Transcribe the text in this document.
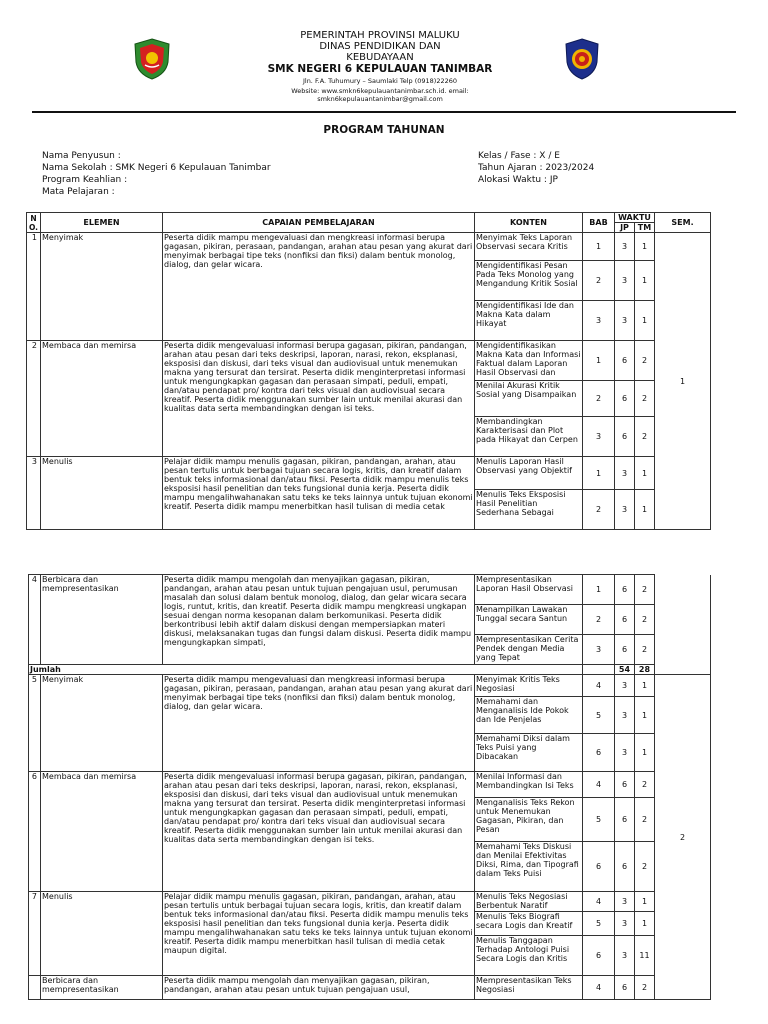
PEMERINTAH PROVINSI MALUKU
DINAS PENDIDIKAN DAN
KEBUDAYAAN
SMK NEGERI 6 KEPULAUAN TANIMBAR
Jln. F.A. Tuhumury – Saumlaki Telp (0918)22260
Website: www.smkn6kepulauantanimbar.sch.id. email:
smkn6kepulauantanimbar@gmail.com
PROGRAM TAHUNAN
Nama Penyusun :
Nama Sekolah : SMK Negeri 6 Kepulauan Tanimbar
Program Keahlian :
Mata Pelajaran :
Kelas / Fase : X / E
Tahun Ajaran : 2023/2024
Alokasi Waktu : JP
N O.	ELEMEN	CAPAIAN PEMBELAJARAN	KONTEN	BAB	WAKTU		SEM.
					JP	TM	
1	Menyimak	Peserta didik mampu mengevaluasi dan mengkreasi informasi berupa gagasan, pikiran, perasaan, pandangan, arahan atau pesan yang akurat dari menyimak berbagai tipe teks (nonfiksi dan fiksi) dalam bentuk monolog, dialog, dan gelar wicara.	Menyimak Teks Laporan Observasi secara Kritis	1	3	1	1
			Mengidentifikasi Pesan Pada Teks Monolog yang Mengandung Kritik Sosial	2	3	1	
			Mengidentifikasi Ide dan Makna Kata dalam Hikayat	3	3	1	
2	Membaca dan memirsa	Peserta didik mengevaluasi informasi berupa gagasan, pikiran, pandangan, arahan atau pesan dari teks deskripsi, laporan, narasi, rekon, eksplanasi, eksposisi dan diskusi, dari teks visual dan audiovisual untuk menemukan makna yang tersurat dan tersirat. Peserta didik menginterpretasi informasi untuk mengungkapkan gagasan dan perasaan simpati, peduli, empati, dan/atau pendapat pro/ kontra dari teks visual dan audiovisual secara kreatif. Peserta didik menggunakan sumber lain untuk menilai akurasi dan kualitas data serta membandingkan dengan isi teks.	Mengidentifikasikan Makna Kata dan Informasi Faktual dalam Laporan Hasil Observasi dan	1	6	2	
			Menilai Akurasi Kritik Sosial yang Disampaikan	2	6	2	
			Membandingkan Karakterisasi dan Plot pada Hikayat dan Cerpen	3	6	2	
3	Menulis	Pelajar didik mampu menulis gagasan, pikiran, pandangan, arahan, atau pesan tertulis untuk berbagai tujuan secara logis, kritis, dan kreatif dalam bentuk teks informasional dan/atau fiksi. Peserta didik mampu menulis teks eksposisi hasil penelitian dan teks fungsional dunia kerja. Peserta didik mampu mengalihwahanakan satu teks ke teks lainnya untuk tujuan ekonomi kreatif. Peserta didik mampu menerbitkan hasil tulisan di media cetak	Menulis Laporan Hasil Observasi yang Objektif	1	3	1	
			Menulis Teks Eksposisi Hasil Penelitian Sederhana Sebagai	2	3	1	
4	Berbicara dan mempresentasikan	Peserta didik mampu mengolah dan menyajikan gagasan, pikiran, pandangan, arahan atau pesan untuk tujuan pengajuan usul, perumusan masalah dan solusi dalam bentuk monolog, dialog, dan gelar wicara secara logis, runtut, kritis, dan kreatif. Peserta didik mampu mengkreasi ungkapan sesuai dengan norma kesopanan dalam berkomunikasi. Peserta didik berkontribusi lebih aktif dalam diskusi dengan mempersiapkan materi diskusi, melaksanakan tugas dan fungsi dalam diskusi. Peserta didik mampu mengungkapkan simpati,	Mempresentasikan Laporan Hasil Observasi	1	6	2	
			Menampilkan Lawakan Tunggal secara Santun	2	6	2	
			Mempresentasikan Cerita Pendek dengan Media yang Tepat	3	6	2	
Jumlah					54	28	
5	Menyimak	Peserta didik mampu mengevaluasi dan mengkreasi informasi berupa gagasan, pikiran, perasaan, pandangan, arahan atau pesan yang akurat dari menyimak berbagai tipe teks (nonfiksi dan fiksi) dalam bentuk monolog, dialog, dan gelar wicara.	Menyimak Kritis Teks Negosiasi	4	3	1	2
			Memahami dan Menganalisis Ide Pokok dan Ide Penjelas	5	3	1	
			Memahami Diksi dalam Teks Puisi yang Dibacakan	6	3	1	
6	Membaca dan memirsa	Peserta didik mengevaluasi informasi berupa gagasan, pikiran, pandangan, arahan atau pesan dari teks deskripsi, laporan, narasi, rekon, eksplanasi, eksposisi dan diskusi, dari teks visual dan audiovisual untuk menemukan makna yang tersurat dan tersirat. Peserta didik menginterpretasi informasi untuk mengungkapkan gagasan dan perasaan simpati, peduli, empati, dan/atau pendapat pro/ kontra dari teks visual dan audiovisual secara kreatif. Peserta didik menggunakan sumber lain untuk menilai akurasi dan kualitas data serta membandingkan dengan isi teks.	Menilai Informasi dan Membandingkan Isi Teks	4	6	2	
			Menganalisis Teks Rekon untuk Menemukan Gagasan, Pikiran, dan Pesan	5	6	2	
			Memahami Teks Diskusi dan Menilai Efektivitas Diksi, Rima, dan Tipografi dalam Teks Puisi	6	6	2	
7	Menulis	Pelajar didik mampu menulis gagasan, pikiran, pandangan, arahan, atau pesan tertulis untuk berbagai tujuan secara logis, kritis, dan kreatif dalam bentuk teks informasional dan/atau fiksi. Peserta didik mampu menulis teks eksposisi hasil penelitian dan teks fungsional dunia kerja. Peserta didik mampu mengalihwahanakan satu teks ke teks lainnya untuk tujuan ekonomi kreatif. Peserta didik mampu menerbitkan hasil tulisan di media cetak maupun digital.	Menulis Teks Negosiasi Berbentuk Naratif	4	3	1	
			Menulis Teks Biografi secara Logis dan Kreatif	5	3	1	
			Menulis Tanggapan Terhadap Antologi Puisi Secara Logis dan Kritis	6	3	11	
	Berbicara dan mempresentasikan	Peserta didik mampu mengolah dan menyajikan gagasan, pikiran, pandangan, arahan atau pesan untuk tujuan pengajuan usul,	Mempresentasikan Teks Negosiasi	4	6	2	
